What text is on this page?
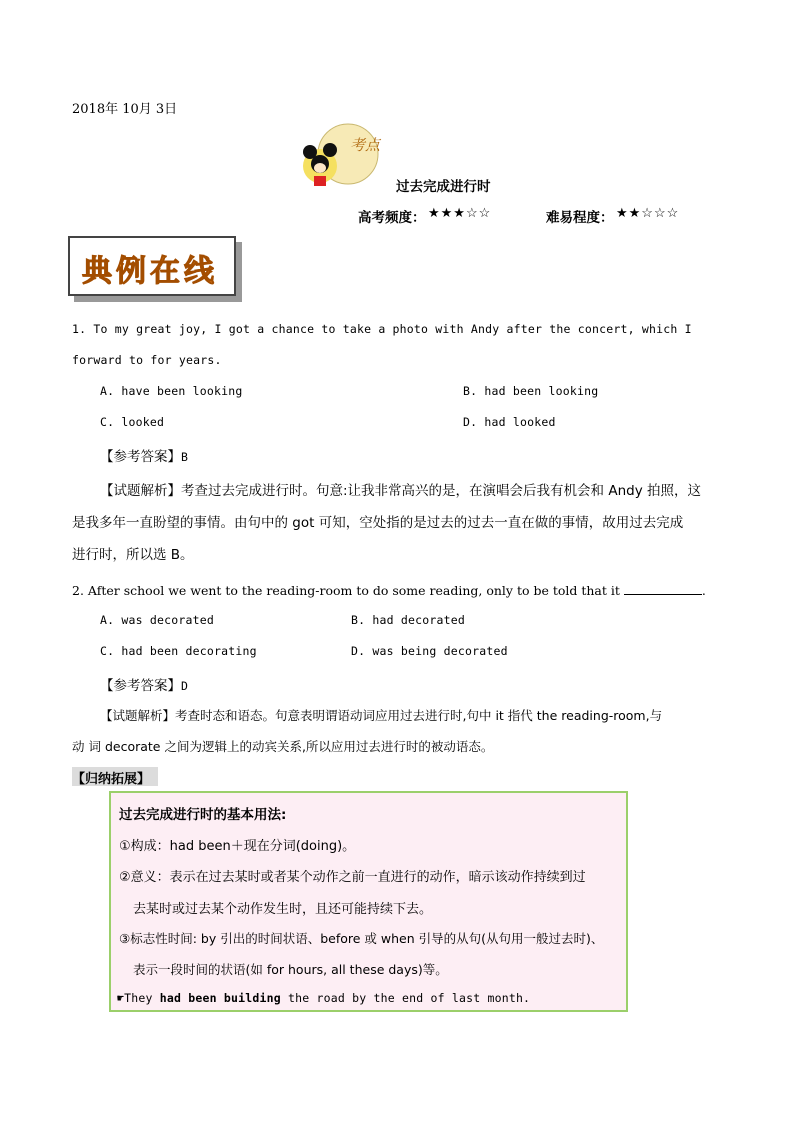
2018年 10月 3日
考点
过去完成进行时
高考频度： ★★★☆☆	难易程度： ★★☆☆☆
典例在线
1. To my great joy, I got a chance to take a photo with Andy after the concert, which I
forward to for years.
A. have been looking	B. had been looking
C. looked	D. had looked
【参考答案】B
【试题解析】考查过去完成进行时。句意:让我非常高兴的是，在演唱会后我有机会和 Andy 拍照，这
是我多年一直盼望的事情。由句中的 got 可知，空处指的是过去的过去一直在做的事情，故用过去完成
进行时，所以选 B。
2. After school we went to the reading-room to do some reading, only to be told that it	.
A. was decorated	B. had decorated
C. had been decorating	D. was being decorated
【参考答案】D
【试题解析】考查时态和语态。句意表明谓语动词应用过去进行时,句中 it 指代 the reading-room,与
动 词 decorate 之间为逻辑上的动宾关系,所以应用过去进行时的被动语态。
【归纳拓展】
过去完成进行时的基本用法:
①构成：had been＋现在分词(doing)。
②意义：表示在过去某时或者某个动作之前一直进行的动作，暗示该动作持续到过
去某时或过去某个动作发生时，且还可能持续下去。
③标志性时间: by 引出的时间状语、before 或 when 引导的从句(从句用一般过去时)、
表示一段时间的状语(如 for hours, all these days)等。
☛They had been building the road by the end of last month.
